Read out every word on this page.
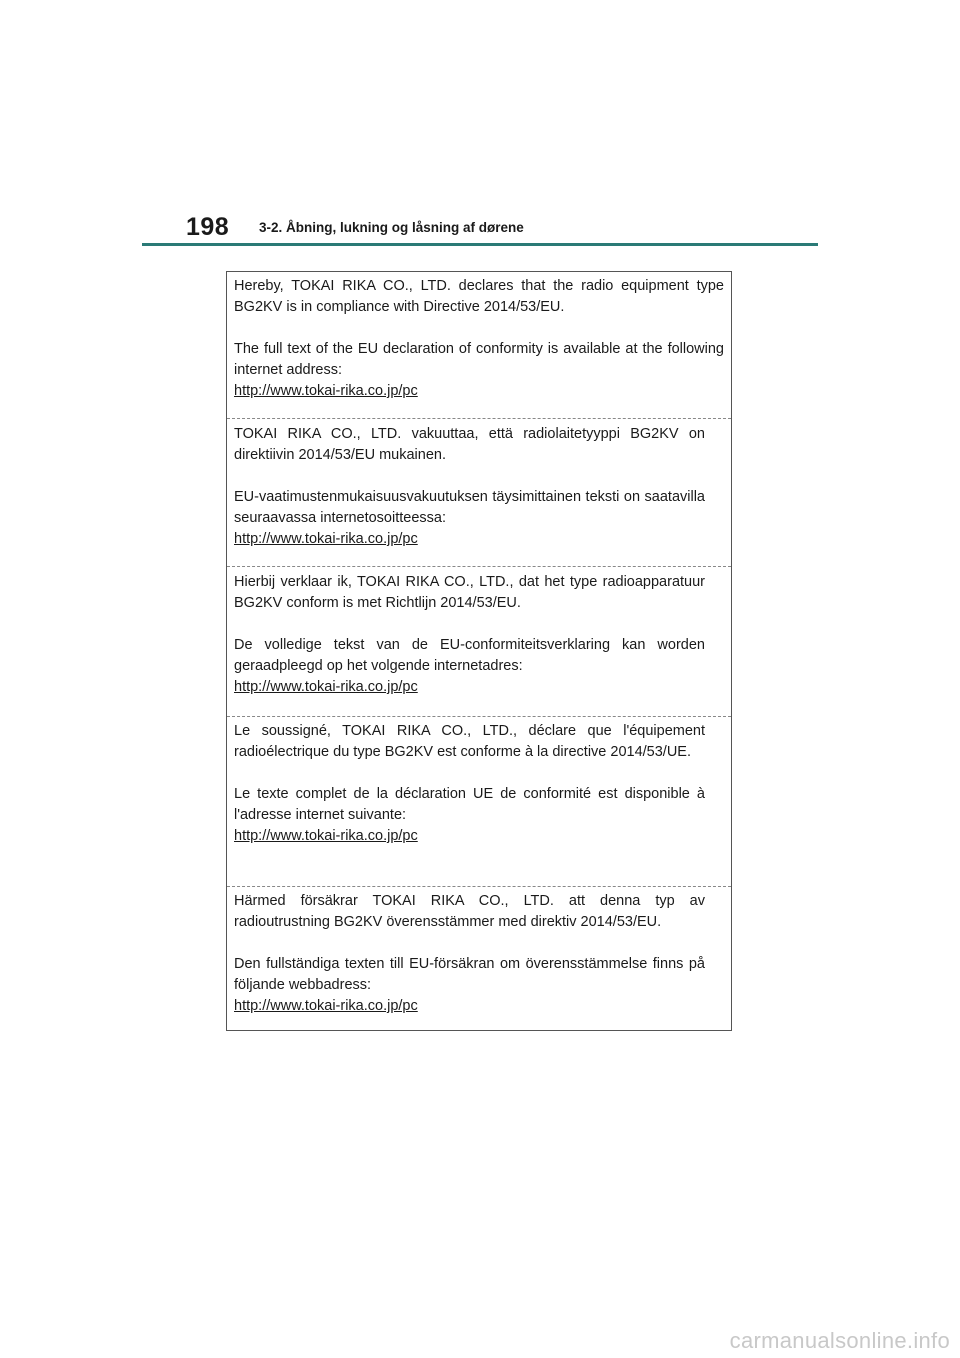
198 3-2. Åbning, lukning og låsning af dørene

Hereby, TOKAI RIKA CO., LTD. declares that the radio equipment type BG2KV is in compliance with Directive 2014/53/EU.

The full text of the EU declaration of conformity is available at the following internet address:

http://www.tokai-rika.co.jp/pc

TOKAI RIKA CO., LTD. vakuuttaa, että radiolaitetyyppi BG2KV on direktiivin 2014/53/EU mukainen.

EU-vaatimustenmukaisuusvakuutuksen täysimittainen teksti on saatavilla seuraavassa internetosoitteessa:

http://www.tokai-rika.co.jp/pc

Hierbij verklaar ik, TOKAI RIKA CO., LTD., dat het type radioapparatuur BG2KV conform is met Richtlijn 2014/53/EU.

De volledige tekst van de EU-conformiteitsverklaring kan worden geraadpleegd op het volgende internetadres:

http://www.tokai-rika.co.jp/pc

Le soussigné, TOKAI RIKA CO., LTD., déclare que l'équipement radioélectrique du type BG2KV est conforme à la directive 2014/53/UE.

Le texte complet de la déclaration UE de conformité est disponible à l'adresse internet suivante:

http://www.tokai-rika.co.jp/pc

Härmed försäkrar TOKAI RIKA CO., LTD. att denna typ av radioutrustning BG2KV överensstämmer med direktiv 2014/53/EU.

Den fullständiga texten till EU-försäkran om överensstämmelse finns på följande webbadress:

http://www.tokai-rika.co.jp/pc
carmanualsonline.info
